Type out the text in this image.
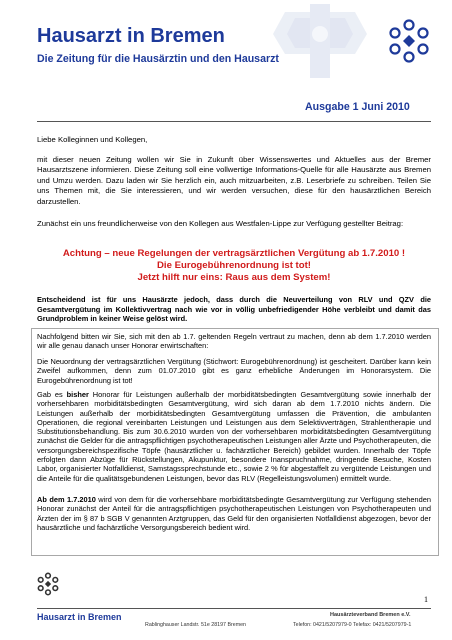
Hausarzt in Bremen
Die Zeitung für die Hausärztin und den Hausarzt
Ausgabe 1 Juni 2010
Liebe Kolleginnen und Kollegen,
mit dieser neuen Zeitung wollen wir Sie in Zukunft über Wissenswertes und Aktuelles aus der Bremer Hausarztszene informieren. Diese Zeitung soll eine vollwertige Informations-Quelle für alle Hausärzte aus Bremen und Umzu werden. Dazu laden wir Sie herzlich ein, auch mitzuarbeiten, z.B. Leserbriefe zu schreiben. Teilen Sie uns Themen mit, die Sie interessieren, und wir werden versuchen, diese für den hausärztlichen Bereich darzustellen.
Zunächst ein uns freundlicherweise von den Kollegen aus Westfalen-Lippe zur Verfügung gestellter Beitrag:
Achtung – neue Regelungen der vertragsärztlichen Vergütung ab 1.7.2010 !
Die Eurogebührenordnung ist tot!
Jetzt hilft nur eins: Raus aus dem System!
Entscheidend ist für uns Hausärzte jedoch, dass durch die Neuverteilung von RLV und QZV die Gesamtvergütung im Kollektivvertrag nach wie vor in völlig unbefriedigender Höhe verbleibt und damit das Grundproblem in keiner Weise gelöst wird.
Nachfolgend bitten wir Sie, sich mit den ab 1.7. geltenden Regeln vertraut zu machen, denn ab dem 1.7.2010 werden wir alle genau danach unser Honorar erwirtschaften:
Die Neuordnung der vertragsärztlichen Vergütung (Stichwort: Eurogebührenordnung) ist gescheitert. Darüber kann kein Zweifel aufkommen, denn zum 01.07.2010 gibt es ganz erhebliche Änderungen im Honorarsystem. Die Eurogebührenordnung ist tot!
Gab es bisher Honorar für Leistungen außerhalb der morbiditätsbedingten Gesamtvergütung sowie innerhalb der vorhersehbaren morbiditätsbedingten Gesamtvergütung, wird sich daran ab dem 1.7.2010 nichts ändern. Die Leistungen außerhalb der morbiditätsbedingten Gesamtvergütung umfassen die Prävention, die ambulanten Operationen, die regional vereinbarten Leistungen und Leistungen aus dem Selektivverträgen, Strahlentherapie und Substitutionsbehandlung. Bis zum 30.6.2010 wurden von der vorhersehbaren morbiditätsbedingten Gesamtvergütung zunächst die Gelder für die antragspflichtigen psychotherapeutischen Leistungen aller Ärzte und Psychotherapeuten, die versorgungsbereichspezifische Töpfe (hausärztlicher u. fachärztlicher Bereich) gebildet wurden. Innerhalb der Töpfe erfolgten dann Abzüge für Rückstellungen, Akupunktur, besondere Inanspruchnahme, dringende Besuche, Kosten Labor, organisierter Notfalldienst, Samstagssprechstunde etc., sowie 2 % für abgestaffelt zu vergütende Leistungen und die Anteile für die qualitätsgebundenen Leistungen, bevor das RLV (Regelleistungsvolumen) ermittelt wurde.
Ab dem 1.7.2010 wird von dem für die vorhersehbare morbiditätsbedingte Gesamtvergütung zur Verfügung stehenden Honorar zunächst der Anteil für die antragspflichtigen psychotherapeutischen Leistungen von Psychotherapeuten und Ärzten der im § 87 b SGB V genannten Arztgruppen, das Geld für den organisierten Notfalldienst abgezogen, bevor der hausärztliche und fachärztliche Versorgungsbereich bedient wird.
1
Hausarzt in Bremen	Hausärzteverband Bremen e.V.
Rablinghauser Landstr. 51e 28197 Bremen	Telefon: 0421/5207979-0 Telefax: 0421/5207979-1
